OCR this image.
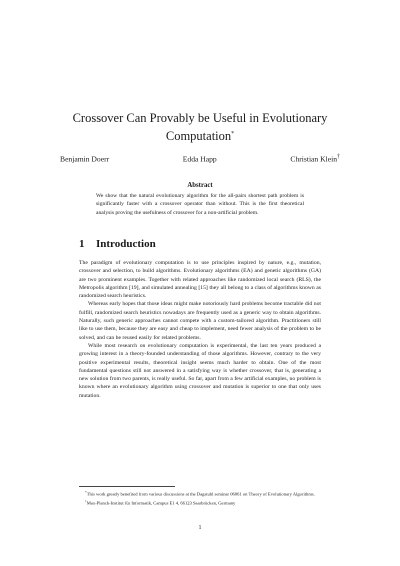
Crossover Can Provably be Useful in Evolutionary
Computation*
Benjamin Doerr	Edda Happ	Christian Klein†
Abstract

We show that the natural evolutionary algorithm for the all-pairs shortest path problem is significantly faster with a crossover operator than without. This is the first theoretical analysis proving the usefulness of crossover for a non-artificial problem.

1 Introduction

The paradigm of evolutionary computation is to use principles inspired by nature, e.g., mutation, crossover and selection, to build algorithms. Evolutionary algorithms (EA) and genetic algorithms (GA) are two prominent examples. Together with related approaches like randomized local search (RLS), the Metropolis algorithm [19], and simulated annealing [15] they all belong to a class of algorithms known as randomized search heuristics.

Whereas early hopes that those ideas might make notoriously hard problems become tractable did not fulfill, randomized search heuristics nowadays are frequently used as a generic way to obtain algorithms. Naturally, such generic approaches cannot compete with a custom-tailored algorithm. Practitioners still like to use them, because they are easy and cheap to implement, need fewer analysis of the problem to be solved, and can be reused easily for related problems.

While most research on evolutionary computation is experimental, the last ten years produced a growing interest in a theory-founded understanding of those algorithms. However, contrary to the very positive experimental results, theoretical insight seems much harder to obtain. One of the most fundamental questions still not answered in a satisfying way is whether crossover, that is, generating a new solution from two parents, is really useful. So far, apart from a few artificial examples, no problem is known where an evolutionary algorithm using crossover and mutation is superior to one that only uses mutation.

*This work greatly benefited from various discussions at the Dagstuhl seminar 06061 on Theory of Evolutionary Algorithms.

†Max-Planck-Institut für Informatik, Campus E1 4, 66123 Saarbrücken, Germany

1
